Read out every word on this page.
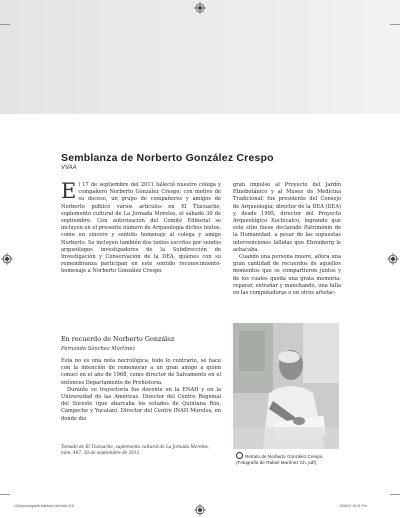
Semblanza de Norberto González Crespo
VVAA

El 17 de septiembre del 2011 falleció nuestro colega y compañero Norberto González Crespo; con motivo de su deceso, un grupo de compañeros y amigos de Norberto publicó varios artículos en El Tlacuache, suplemento cultural de La Jornada Morelos, el sábado 30 de septiembre. Con autorización del Comité Editorial se incluyen en el presente número de Arqueología dichos textos, como un sincero y sentido homenaje al colega y amigo Norberto. Se incluyen también dos textos escritos por sendos arqueólogos investigadores de la Subdirección de Investigación y Conservación de la DEA, quienes con su remembranza participan en este sentido reconocimiento-homenaje a Norberto González Crespo.

gran impulso al Proyecto del Jardín Etnobotánico y al Museo de Medicina Tradicional; fue presidente del Consejo de Arqueología; director de la DEA (DEA) y, desde 1995, director del Proyecto Arqueológico Xochicalco, logrando que este sitio fuese declarado Patrimonio de la Humanidad, a pesar de las supuestas intervenciones fallidas que Ehrenberg le achacaba.

Cuando una persona muere, aflora una gran cantidad de recuerdos de aquellos momentos que se compartieron juntos y de los cuales queda una grata memoria: reparar, extrañar y manchando, una falla en las computadoras o en otros artefac-

En recuerdo de Norberto González
Fernando Sánchez Martínez

Ésta no es una nota necrológica, todo lo contrario, se hace con la intención de rememorar a un gran amigo a quien conocí en el año de 1968, como director de Salvamento en el entonces Departamento de Prehistoria.

Durante su trayectoria fue docente en la ENAH y en la Universidad de las Américas. Director del Centro Regional del Sureste (que abarcaba los estados de Quintana Roo, Campeche y Yucatán). Director del Centro INAH Morelos, en donde dio

Tomado de El Tlacuache, suplemento cultural de La Jornada Morelos, núm. 487, 30 de septiembre de 2011.
Retrato de Norberto González Crespo. (Fotografía de Rafael Martínez Ch. pdf)
13Arqueologia46-Martínez Iref.indd 218	6/05/13 15:41 Pm
